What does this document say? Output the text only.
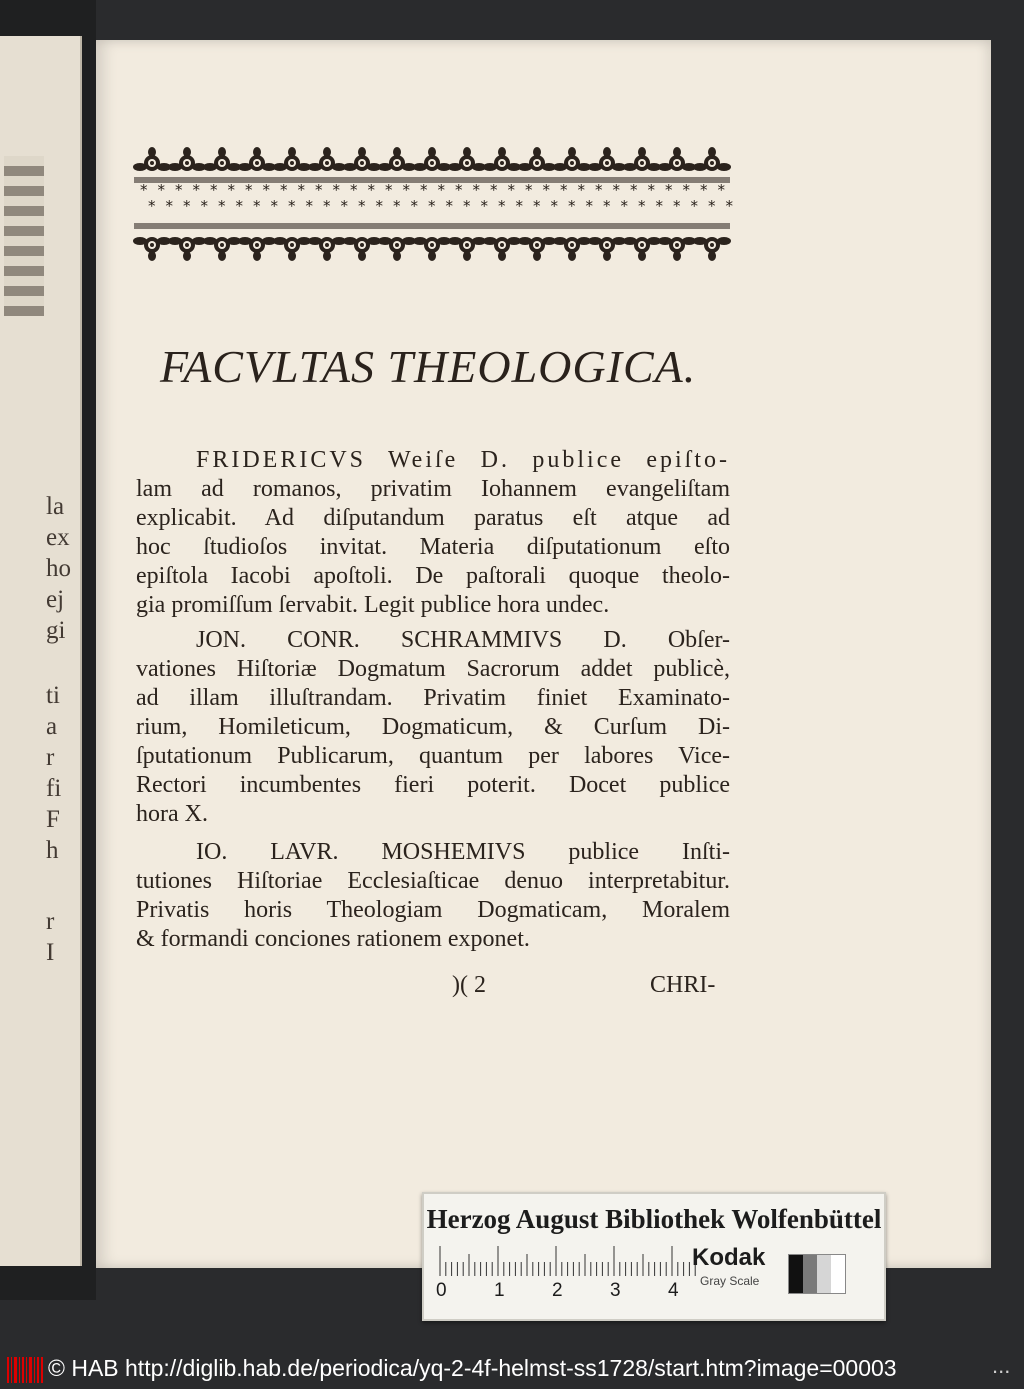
la
ex
ho
ej
gi
ti
a
r
fi
F
h
r
I
* * * * * * * * * * * * * * * * * * * * * * * * * * * * * * * * * *
* * * * * * * * * * * * * * * * * * * * * * * * * * * * * * * * * *
FACVLTAS THEOLOGICA.

FRIDERICVS Weiſe D. publice epiſto-

lam ad romanos, privatim Iohannem evangeliſtam

explicabit. Ad diſputandum paratus eſt atque ad

hoc ſtudioſos invitat. Materia diſputationum eſto

epiſtola Iacobi apoſtoli. De paſtorali quoque theolo-

gia promiſſum ſervabit. Legit publice hora undec.

JON. CONR. SCHRAMMIVS D. Obſer-

vationes Hiſtoriæ Dogmatum Sacrorum addet publicè,

ad illam illuſtrandam. Privatim finiet Examinato-

rium, Homileticum, Dogmaticum, & Curſum Di-

ſputationum Publicarum, quantum per labores Vice-

Rectori incumbentes fieri poterit. Docet publice

hora X.

IO. LAVR. MOSHEMIVS publice Inſti-

tutiones Hiſtoriae Ecclesiaſticae denuo interpretabitur.

Privatis horis Theologiam Dogmaticam, Moralem

& formandi conciones rationem exponet.

)( 2	CHRI-
Herzog August Bibliothek Wolfenbüttel
0 1 2 3 4
Kodak
Gray Scale
© HAB http://diglib.hab.de/periodica/yq-2-4f-helmst-ss1728/start.htm?image=00003	...
